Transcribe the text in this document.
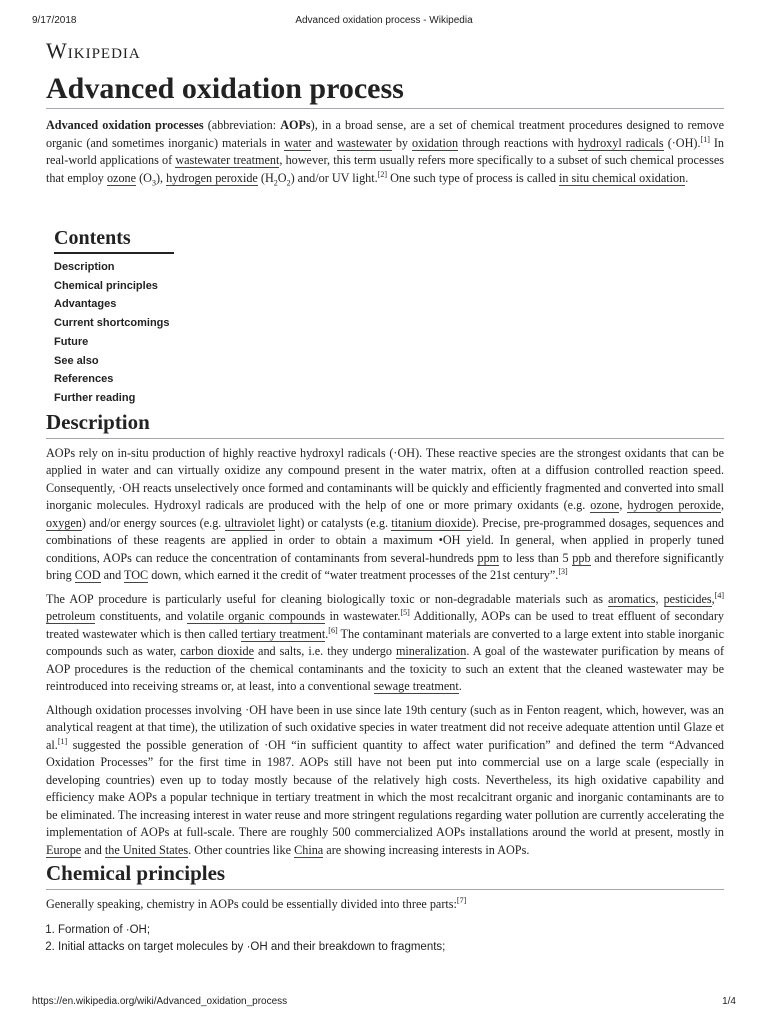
9/17/2018	Advanced oxidation process - Wikipedia
Wikipedia
Advanced oxidation process

Advanced oxidation processes (abbreviation: AOPs), in a broad sense, are a set of chemical treatment procedures designed to remove organic (and sometimes inorganic) materials in water and wastewater by oxidation through reactions with hydroxyl radicals (·OH).[1] In real-world applications of wastewater treatment, however, this term usually refers more specifically to a subset of such chemical processes that employ ozone $(O_3)$, hydrogen peroxide $(H_2O_2)$ and/or UV light.[2] One such type of process is called in situ chemical oxidation.

Contents
Description
Chemical principles
Advantages
Current shortcomings
Future
See also
References
Further reading
Description

AOPs rely on in-situ production of highly reactive hydroxyl radicals (·OH). These reactive species are the strongest oxidants that can be applied in water and can virtually oxidize any compound present in the water matrix, often at a diffusion controlled reaction speed. Consequently, ·OH reacts unselectively once formed and contaminants will be quickly and efficiently fragmented and converted into small inorganic molecules. Hydroxyl radicals are produced with the help of one or more primary oxidants (e.g. ozone, hydrogen peroxide, oxygen) and/or energy sources (e.g. ultraviolet light) or catalysts (e.g. titanium dioxide). Precise, pre-programmed dosages, sequences and combinations of these reagents are applied in order to obtain a maximum •OH yield. In general, when applied in properly tuned conditions, AOPs can reduce the concentration of contaminants from several-hundreds ppm to less than 5 ppb and therefore significantly bring COD and TOC down, which earned it the credit of “water treatment processes of the 21st century”.[3]

The AOP procedure is particularly useful for cleaning biologically toxic or non-degradable materials such as aromatics, pesticides,[4] petroleum constituents, and volatile organic compounds in wastewater.[5] Additionally, AOPs can be used to treat effluent of secondary treated wastewater which is then called tertiary treatment.[6] The contaminant materials are converted to a large extent into stable inorganic compounds such as water, carbon dioxide and salts, i.e. they undergo mineralization. A goal of the wastewater purification by means of AOP procedures is the reduction of the chemical contaminants and the toxicity to such an extent that the cleaned wastewater may be reintroduced into receiving streams or, at least, into a conventional sewage treatment.

Although oxidation processes involving ·OH have been in use since late 19th century (such as in Fenton reagent, which, however, was an analytical reagent at that time), the utilization of such oxidative species in water treatment did not receive adequate attention until Glaze et al.[1] suggested the possible generation of ·OH “in sufficient quantity to affect water purification” and defined the term “Advanced Oxidation Processes” for the first time in 1987. AOPs still have not been put into commercial use on a large scale (especially in developing countries) even up to today mostly because of the relatively high costs. Nevertheless, its high oxidative capability and efficiency make AOPs a popular technique in tertiary treatment in which the most recalcitrant organic and inorganic contaminants are to be eliminated. The increasing interest in water reuse and more stringent regulations regarding water pollution are currently accelerating the implementation of AOPs at full-scale. There are roughly 500 commercialized AOPs installations around the world at present, mostly in Europe and the United States. Other countries like China are showing increasing interests in AOPs.

Chemical principles

Generally speaking, chemistry in AOPs could be essentially divided into three parts:[7]

1. Formation of ·OH;
2. Initial attacks on target molecules by ·OH and their breakdown to fragments;
https://en.wikipedia.org/wiki/Advanced_oxidation_process	1/4
